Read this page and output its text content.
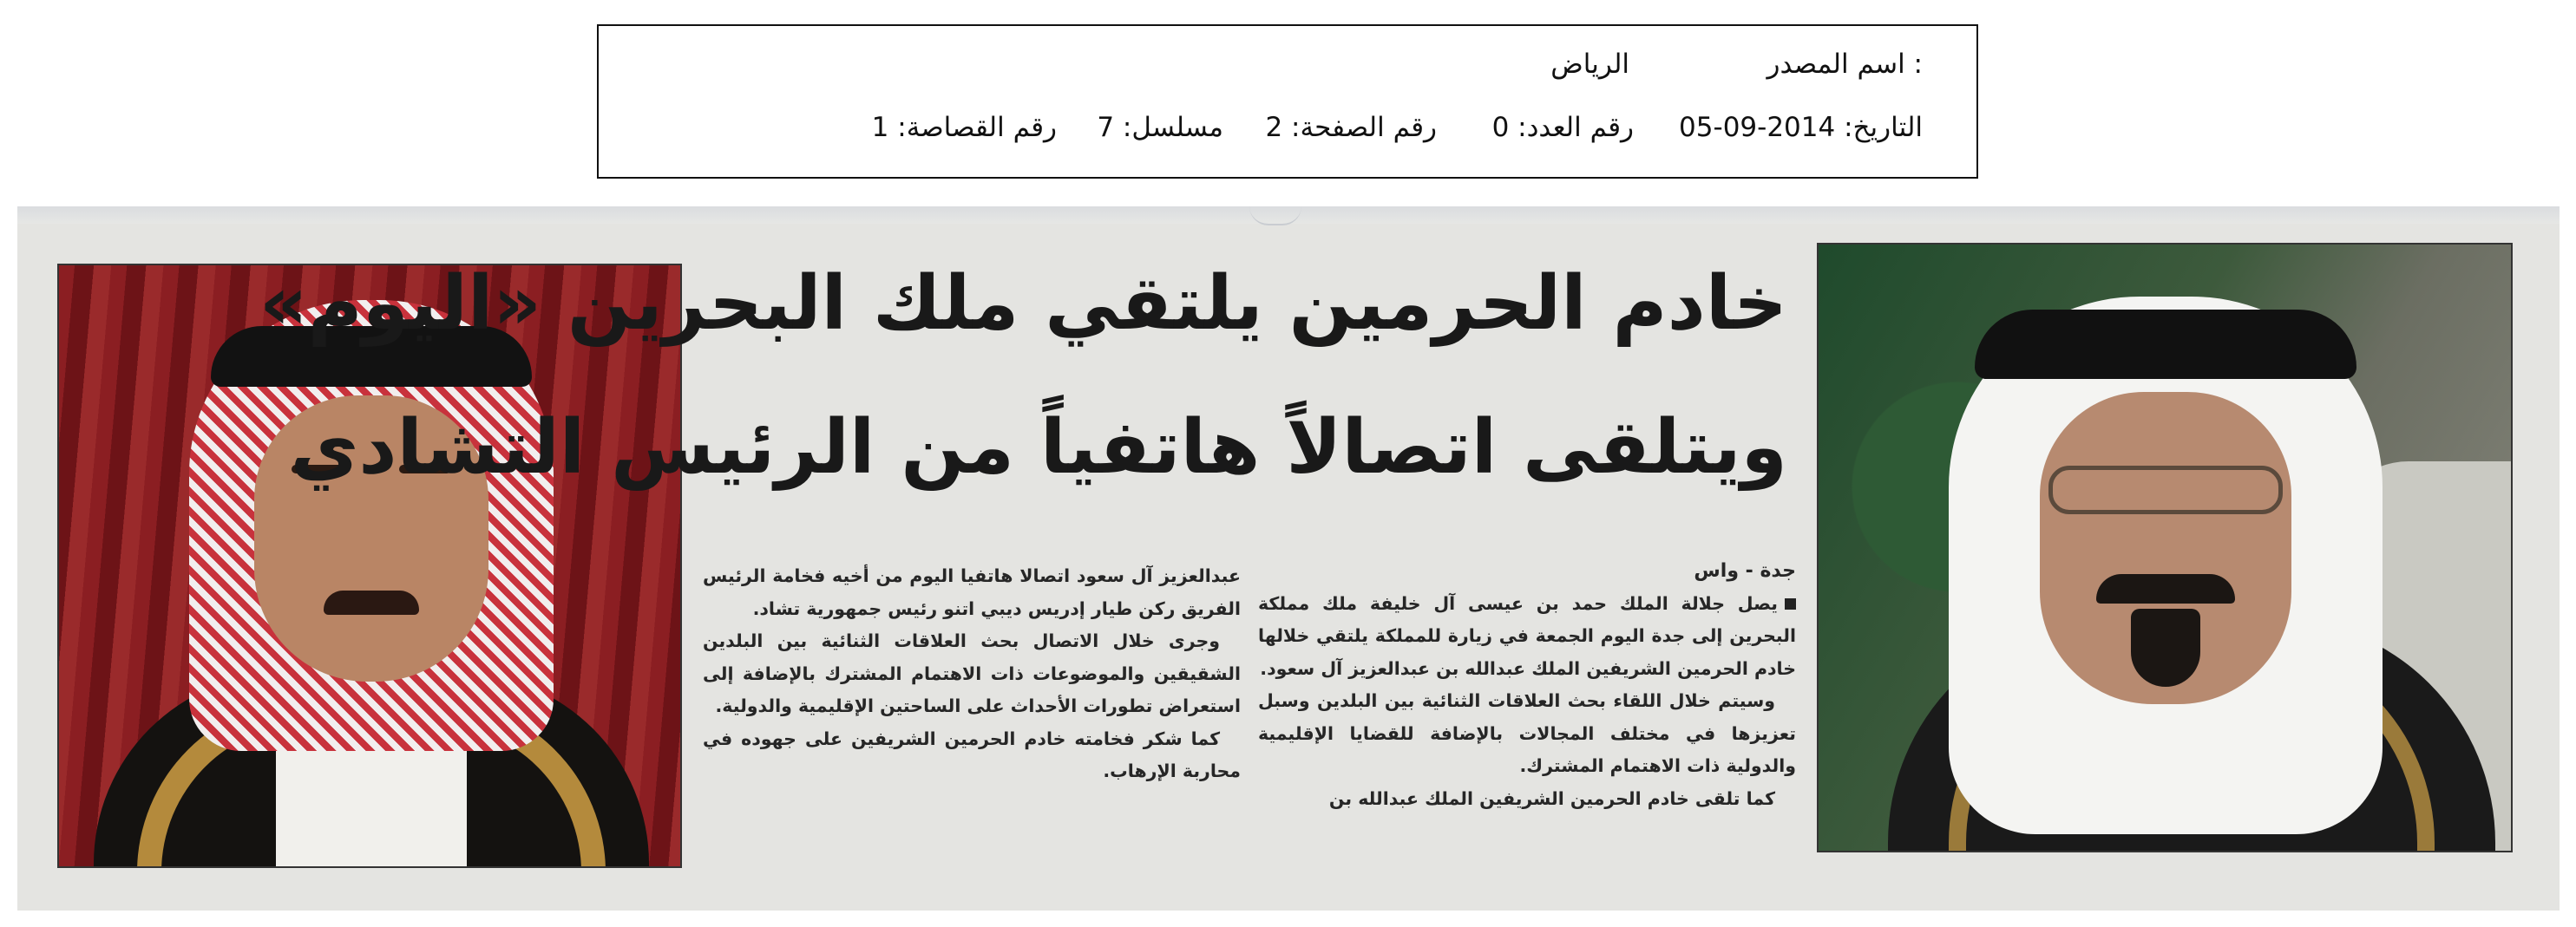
اسم المصدر :
الرياض
التاريخ: 2014-09-05
رقم العدد: 0
رقم الصفحة: 2
مسلسل: 7
رقم القصاصة: 1
خادم الحرمين يلتقي ملك البحرين «اليوم»
ويتلقى اتصالاً هاتفياً من الرئيس التشادي

جدة - واس

يصل جلالة الملك حمد بن عيسى آل خليفة ملك مملكة البحرين إلى جدة اليوم الجمعة في زيارة للمملكة يلتقي خلالها خادم الحرمين الشريفين الملك عبدالله بن عبدالعزيز آل سعود.

وسيتم خلال اللقاء بحث العلاقات الثنائية بين البلدين وسبل تعزيزها في مختلف المجالات بالإضافة للقضايا الإقليمية والدولية ذات الاهتمام المشترك.

كما تلقى خادم الحرمين الشريفين الملك عبدالله بن

عبدالعزيز آل سعود اتصالا هاتفيا اليوم من أخيه فخامة الرئيس الفريق ركن طيار إدريس ديبي اتنو رئيس جمهورية تشاد.

وجرى خلال الاتصال بحث العلاقات الثنائية بين البلدين الشقيقين والموضوعات ذات الاهتمام المشترك بالإضافة إلى استعراض تطورات الأحداث على الساحتين الإقليمية والدولية.

كما شكر فخامته خادم الحرمين الشريفين على جهوده في محاربة الإرهاب.
